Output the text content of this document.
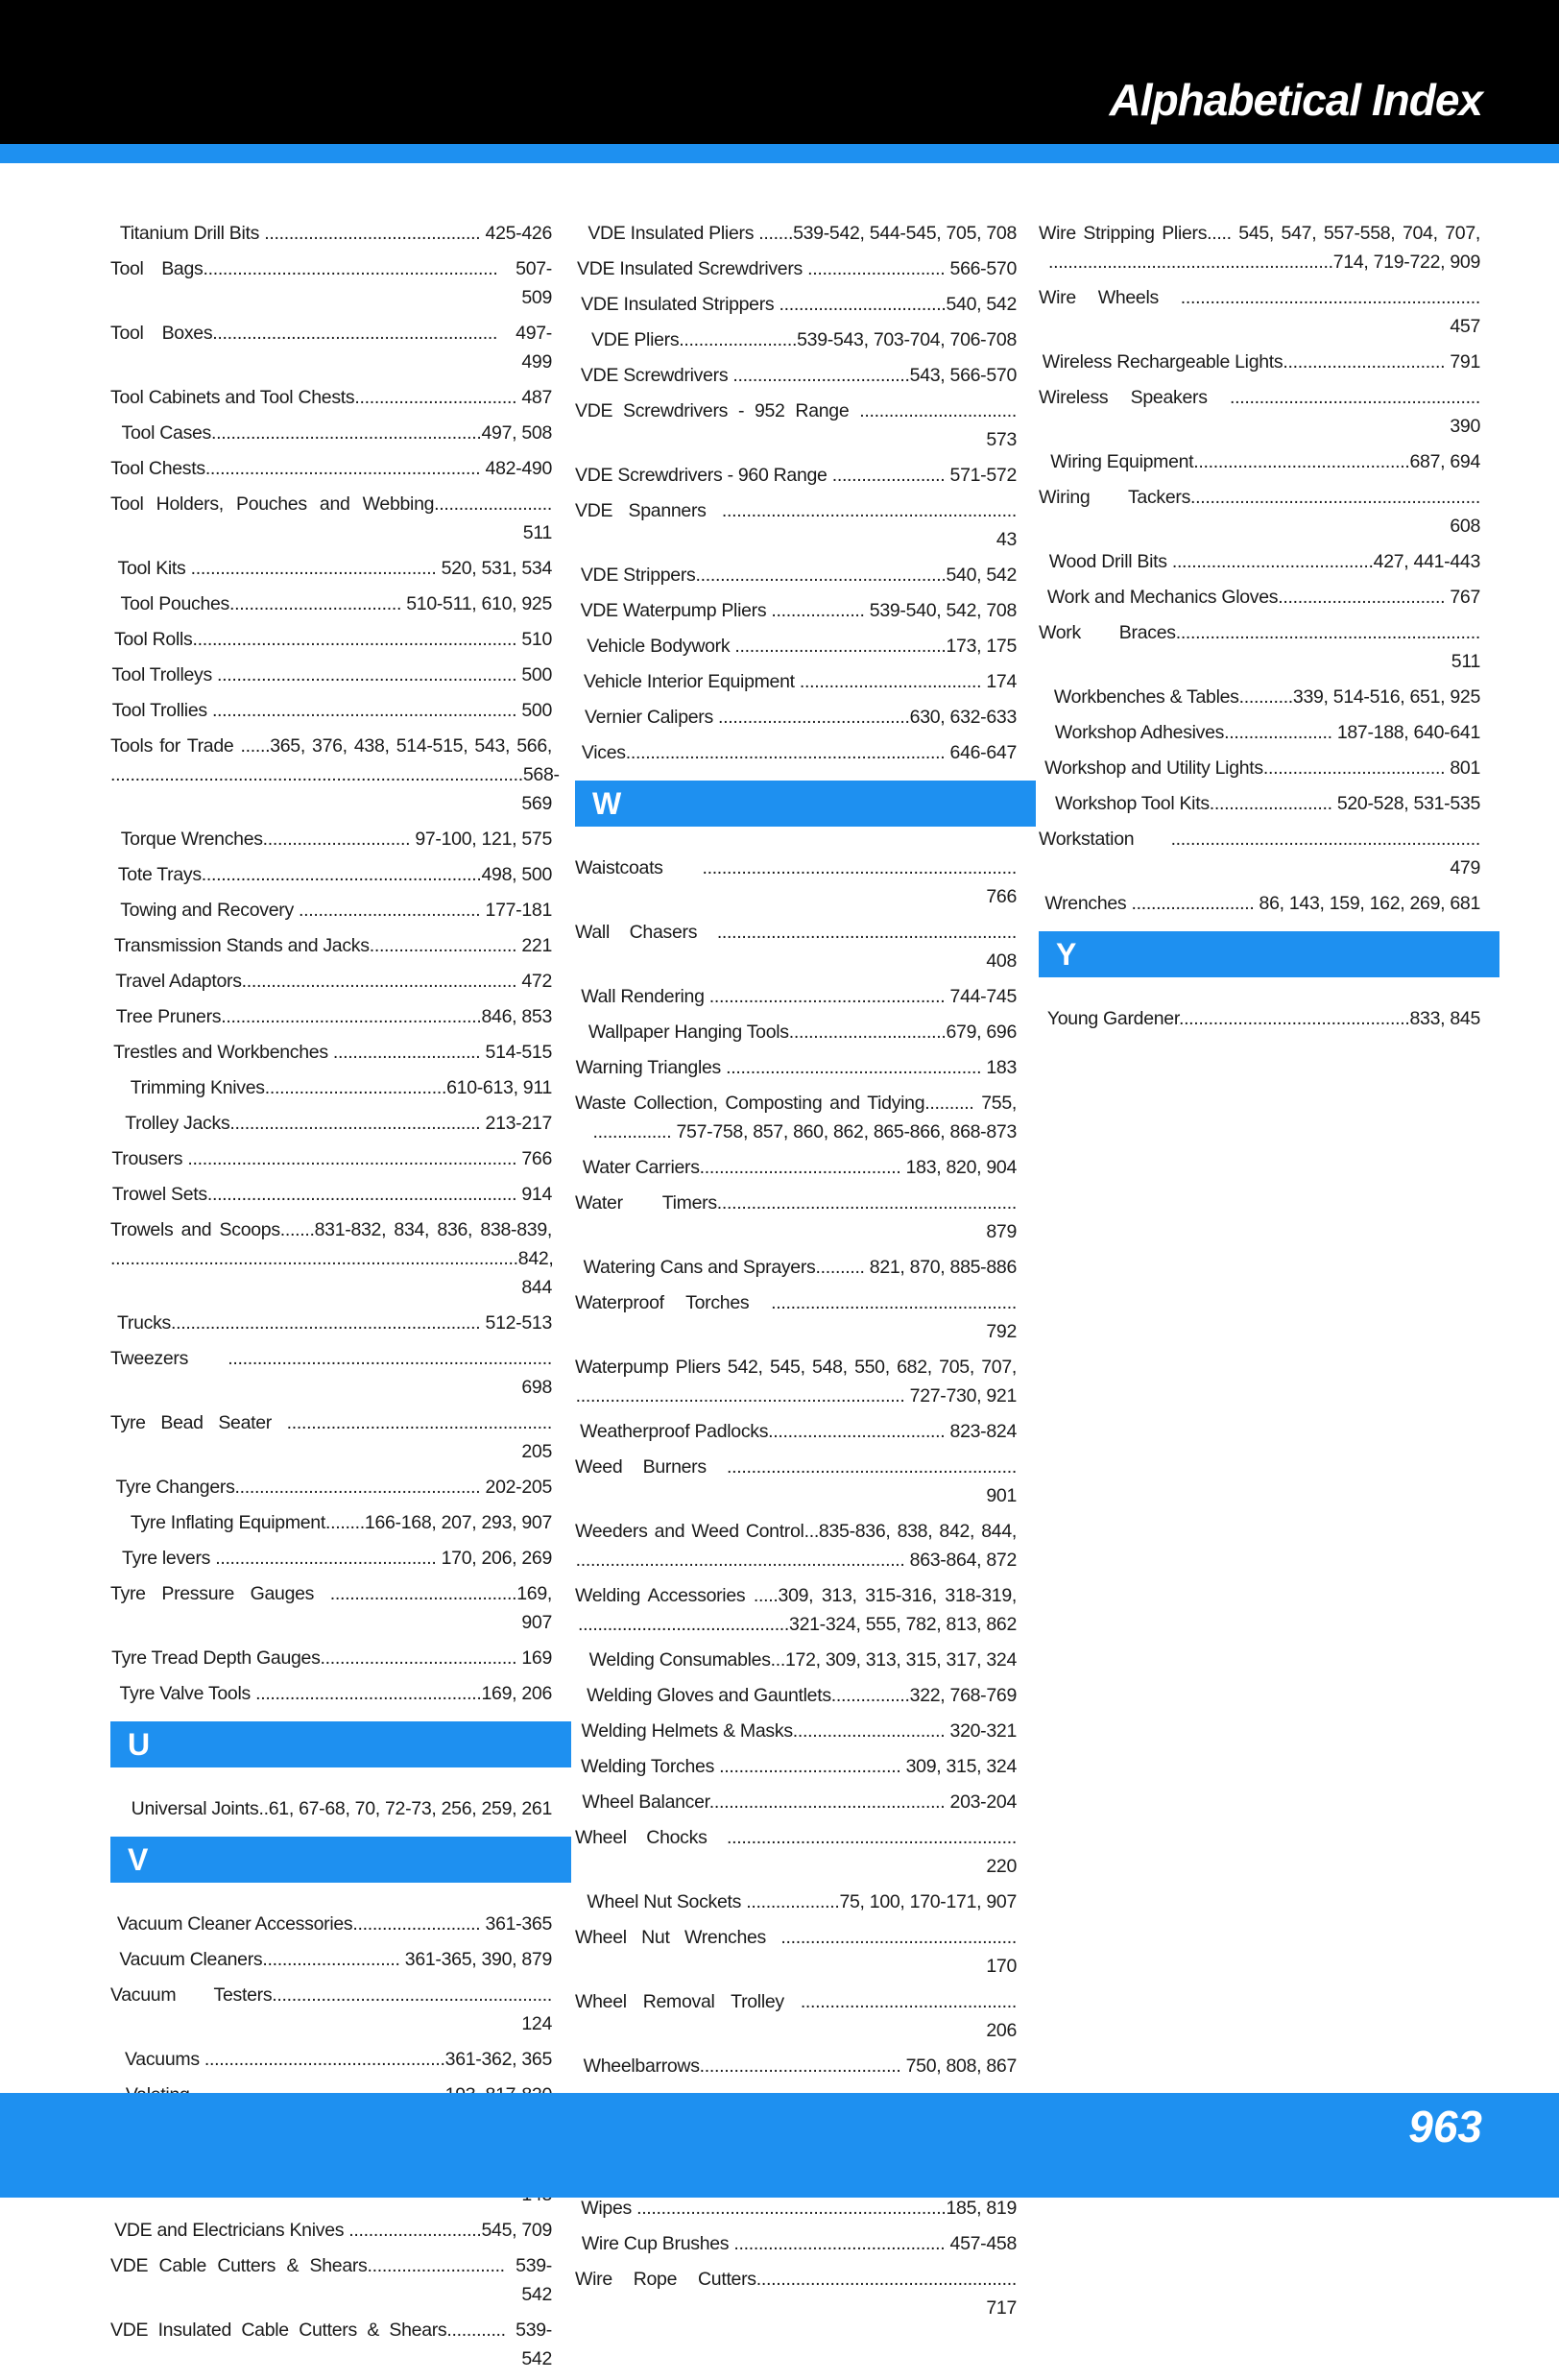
Alphabetical Index
Titanium Drill Bits ............................................ 425-426
Tool Bags............................................................ 507-509
Tool Boxes.......................................................... 497-499
Tool Cabinets and Tool Chests................................. 487
Tool Cases.......................................................497, 508
Tool Chests........................................................ 482-490
Tool Holders, Pouches and Webbing........................ 511
Tool Kits .................................................. 520, 531, 534
Tool Pouches................................... 510-511, 610, 925
Tool Rolls.................................................................. 510
Tool Trolleys ............................................................. 500
Tool Trollies .............................................................. 500
Tools for Trade ......365, 376, 438, 514-515, 543, 566, ....................................................................................568-569
Torque Wrenches.............................. 97-100, 121, 575
Tote Trays.........................................................498, 500
Towing and Recovery ..................................... 177-181
Transmission Stands and Jacks.............................. 221
Travel Adaptors........................................................ 472
Tree Pruners.....................................................846, 853
Trestles and Workbenches .............................. 514-515
Trimming Knives.....................................610-613, 911
Trolley Jacks................................................... 213-217
Trousers ................................................................... 766
Trowel Sets............................................................... 914
Trowels and Scoops.......831-832, 834, 836, 838-839, ...................................................................................842, 844
Trucks............................................................... 512-513
Tweezers .................................................................. 698
Tyre Bead Seater ...................................................... 205
Tyre Changers.................................................. 202-205
Tyre Inflating Equipment........166-168, 207, 293, 907
Tyre levers ............................................. 170, 206, 269
Tyre Pressure Gauges ......................................169, 907
Tyre Tread Depth Gauges........................................ 169
Tyre Valve Tools ..............................................169, 206
U
Universal Joints..61, 67-68, 70, 72-73, 256, 259, 261
V
Vacuum Cleaner Accessories.......................... 361-365
Vacuum Cleaners............................ 361-365, 390, 879
Vacuum Testers......................................................... 124
Vacuums .................................................361-362, 365
VDE and Electricians Knives ...........................545, 709
VDE Cable Cutters & Shears............................ 539-542
VDE Insulated Cable Cutters & Shears............ 539-542
VDE Insulated Pliers .......539-542, 544-545, 705, 708
VDE Insulated Screwdrivers ............................ 566-570
VDE Insulated Strippers ..................................540, 542
VDE Pliers........................539-543, 703-704, 706-708
VDE Screwdrivers ....................................543, 566-570
VDE Screwdrivers - 952 Range ................................ 573
VDE Screwdrivers - 960 Range ....................... 571-572
VDE Spanners ............................................................ 43
VDE Strippers...................................................540, 542
VDE Waterpump Pliers ................... 539-540, 542, 708
Vehicle Bodywork ...........................................173, 175
Vehicle Interior Equipment ..................................... 174
Vernier Calipers .......................................630, 632-633
Vices................................................................. 646-647
W
Waistcoats ................................................................ 766
Wall Chasers ............................................................. 408
Wall Rendering ................................................ 744-745
Wallpaper Hanging Tools................................679, 696
Warning Triangles .................................................... 183
Waste Collection, Composting and Tidying.......... 755, ................ 757-758, 857, 860, 862, 865-866, 868-873
Water Carriers......................................... 183, 820, 904
Water Timers............................................................. 879
Watering Cans and Sprayers.......... 821, 870, 885-886
Waterproof Torches .................................................. 792
Waterpump Pliers 542, 545, 548, 550, 682, 705, 707, ................................................................... 727-730, 921
Weatherproof Padlocks.................................... 823-824
Weed Burners ........................................................... 901
Weeders and Weed Control...835-836, 838, 842, 844, ................................................................... 863-864, 872
Welding Accessories .....309, 313, 315-316, 318-319, ...........................................321-324, 555, 782, 813, 862
Welding Consumables...172, 309, 313, 315, 317, 324
Welding Gloves and Gauntlets................322, 768-769
Welding Helmets & Masks............................... 320-321
Welding Torches ..................................... 309, 315, 324
Wheel Balancer................................................ 203-204
Wheel Chocks ........................................................... 220
Wheel Nut Sockets ...................75, 100, 170-171, 907
Wheel Nut Wrenches ................................................ 170
Wheel Removal Trolley ............................................ 206
Wheelbarrows......................................... 750, 808, 867
Wipes ...............................................................185, 819
Wire Cup Brushes ........................................... 457-458
Wire Rope Cutters..................................................... 717
Wire Stripping Pliers..... 545, 547, 557-558, 704, 707, ..........................................................714, 719-722, 909
Wire Wheels ............................................................. 457
Wireless Rechargeable Lights................................. 791
Wireless Speakers ................................................... 390
Wiring Equipment............................................687, 694
Wiring Tackers........................................................... 608
Wood Drill Bits .........................................427, 441-443
Work and Mechanics Gloves.................................. 767
Work Braces.............................................................. 511
Workbenches & Tables...........339, 514-516, 651, 925
Workshop Adhesives...................... 187-188, 640-641
Workshop and Utility Lights..................................... 801
Workshop Tool Kits......................... 520-528, 531-535
Workstation ............................................................... 479
Wrenches ......................... 86, 143, 159, 162, 269, 681
Y
Young Gardener...............................................833, 845
963
